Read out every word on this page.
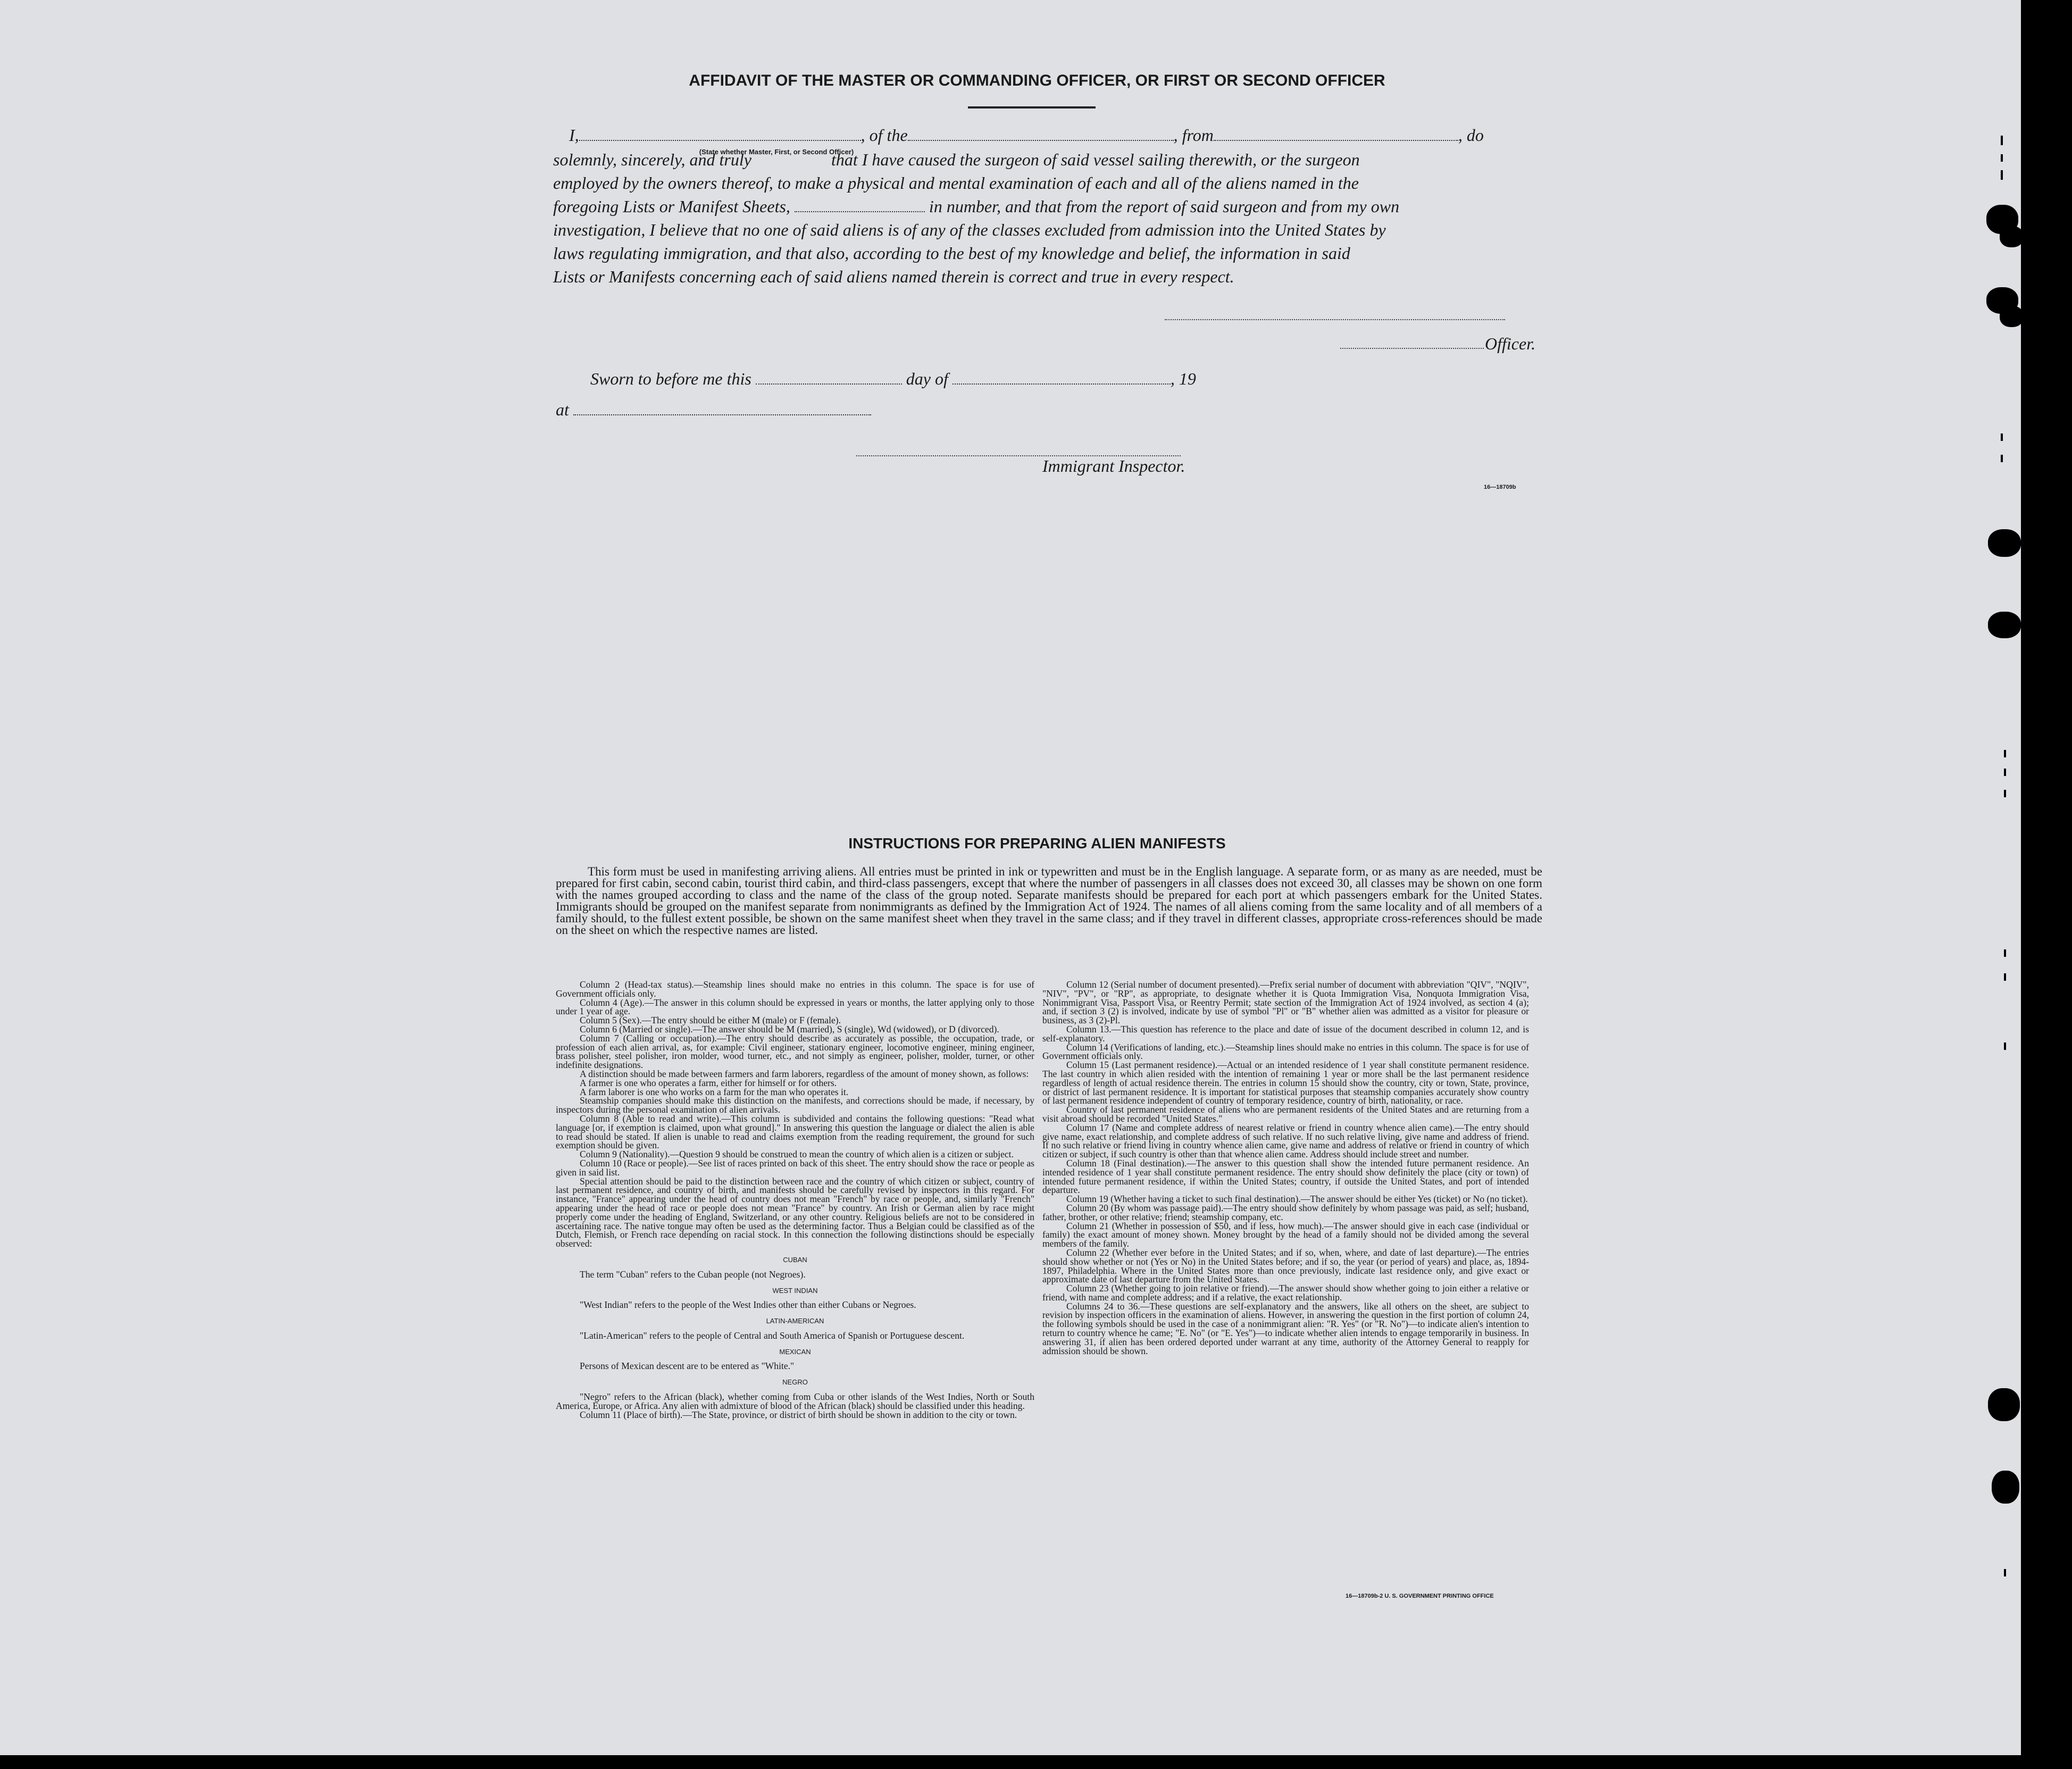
AFFIDAVIT OF THE MASTER OR COMMANDING OFFICER, OR FIRST OR SECOND OFFICER
I,	, of the	, from	, do
(State whether Master, First, or Second Officer)
solemnly, sincerely, and truly	that I have caused the surgeon of said vessel sailing therewith, or the surgeon
employed by the owners thereof, to make a physical and mental examination of each and all of the aliens named in the
foregoing Lists or Manifest Sheets,	in number, and that from the report of said surgeon and from my own
investigation, I believe that no one of said aliens is of any of the classes excluded from admission into the United States by
laws regulating immigration, and that also, according to the best of my knowledge and belief, the information in said
Lists or Manifests concerning each of said aliens named therein is correct and true in every respect.
Officer.
Sworn to before me this	day of	, 19
at
Immigrant Inspector.
16—18709b
INSTRUCTIONS FOR PREPARING ALIEN MANIFESTS
This form must be used in manifesting arriving aliens. All entries must be printed in ink or typewritten and must be in the English language. A separate form, or as many as are needed, must be prepared for first cabin, second cabin, tourist third cabin, and third-class passengers, except that where the number of passengers in all classes does not exceed 30, all classes may be shown on one form with the names grouped according to class and the name of the class of the group noted. Separate manifests should be prepared for each port at which passengers embark for the United States. Immigrants should be grouped on the manifest separate from nonimmigrants as defined by the Immigration Act of 1924. The names of all aliens coming from the same locality and of all members of a family should, to the fullest extent possible, be shown on the same manifest sheet when they travel in the same class; and if they travel in different classes, appropriate cross-references should be made on the sheet on which the respective names are listed.

Column 2 (Head-tax status).—Steamship lines should make no entries in this column. The space is for use of Government officials only.

Column 4 (Age).—The answer in this column should be expressed in years or months, the latter applying only to those under 1 year of age.

Column 5 (Sex).—The entry should be either M (male) or F (female).

Column 6 (Married or single).—The answer should be M (married), S (single), Wd (widowed), or D (divorced).

Column 7 (Calling or occupation).—The entry should describe as accurately as possible, the occupation, trade, or profession of each alien arrival, as, for example: Civil engineer, stationary engineer, locomotive engineer, mining engineer, brass polisher, steel polisher, iron molder, wood turner, etc., and not simply as engineer, polisher, molder, turner, or other indefinite designations.

A distinction should be made between farmers and farm laborers, regardless of the amount of money shown, as follows:

A farmer is one who operates a farm, either for himself or for others.

A farm laborer is one who works on a farm for the man who operates it.

Steamship companies should make this distinction on the manifests, and corrections should be made, if necessary, by inspectors during the personal examination of alien arrivals.

Column 8 (Able to read and write).—This column is subdivided and contains the following questions: "Read what language [or, if exemption is claimed, upon what ground]." In answering this question the language or dialect the alien is able to read should be stated. If alien is unable to read and claims exemption from the reading requirement, the ground for such exemption should be given.

Column 9 (Nationality).—Question 9 should be construed to mean the country of which alien is a citizen or subject.

Column 10 (Race or people).—See list of races printed on back of this sheet. The entry should show the race or people as given in said list.

Special attention should be paid to the distinction between race and the country of which citizen or subject, country of last permanent residence, and country of birth, and manifests should be carefully revised by inspectors in this regard. For instance, "France" appearing under the head of country does not mean "French" by race or people, and, similarly "French" appearing under the head of race or people does not mean "France" by country. An Irish or German alien by race might properly come under the heading of England, Switzerland, or any other country. Religious beliefs are not to be considered in ascertaining race. The native tongue may often be used as the determining factor. Thus a Belgian could be classified as of the Dutch, Flemish, or French race depending on racial stock. In this connection the following distinctions should be especially observed:

CUBAN

The term "Cuban" refers to the Cuban people (not Negroes).

WEST INDIAN

"West Indian" refers to the people of the West Indies other than either Cubans or Negroes.

LATIN-AMERICAN

"Latin-American" refers to the people of Central and South America of Spanish or Portuguese descent.

MEXICAN

Persons of Mexican descent are to be entered as "White."

NEGRO

"Negro" refers to the African (black), whether coming from Cuba or other islands of the West Indies, North or South America, Europe, or Africa. Any alien with admixture of blood of the African (black) should be classified under this heading.

Column 11 (Place of birth).—The State, province, or district of birth should be shown in addition to the city or town.

Column 12 (Serial number of document presented).—Prefix serial number of document with abbreviation "QIV", "NQIV", "NIV", "PV", or "RP", as appropriate, to designate whether it is Quota Immigration Visa, Nonquota Immigration Visa, Nonimmigrant Visa, Passport Visa, or Reentry Permit; state section of the Immigration Act of 1924 involved, as section 4 (a); and, if section 3 (2) is involved, indicate by use of symbol "Pl" or "B" whether alien was admitted as a visitor for pleasure or business, as 3 (2)-Pl.

Column 13.—This question has reference to the place and date of issue of the document described in column 12, and is self-explanatory.

Column 14 (Verifications of landing, etc.).—Steamship lines should make no entries in this column. The space is for use of Government officials only.

Column 15 (Last permanent residence).—Actual or an intended residence of 1 year shall constitute permanent residence. The last country in which alien resided with the intention of remaining 1 year or more shall be the last permanent residence regardless of length of actual residence therein. The entries in column 15 should show the country, city or town, State, province, or district of last permanent residence. It is important for statistical purposes that steamship companies accurately show country of last permanent residence independent of country of temporary residence, country of birth, nationality, or race.

Country of last permanent residence of aliens who are permanent residents of the United States and are returning from a visit abroad should be recorded "United States."

Column 17 (Name and complete address of nearest relative or friend in country whence alien came).—The entry should give name, exact relationship, and complete address of such relative. If no such relative living, give name and address of friend. If no such relative or friend living in country whence alien came, give name and address of relative or friend in country of which citizen or subject, if such country is other than that whence alien came. Address should include street and number.

Column 18 (Final destination).—The answer to this question shall show the intended future permanent residence. An intended residence of 1 year shall constitute permanent residence. The entry should show definitely the place (city or town) of intended future permanent residence, if within the United States; country, if outside the United States, and port of intended departure.

Column 19 (Whether having a ticket to such final destination).—The answer should be either Yes (ticket) or No (no ticket).

Column 20 (By whom was passage paid).—The entry should show definitely by whom passage was paid, as self; husband, father, brother, or other relative; friend; steamship company, etc.

Column 21 (Whether in possession of $50, and if less, how much).—The answer should give in each case (individual or family) the exact amount of money shown. Money brought by the head of a family should not be divided among the several members of the family.

Column 22 (Whether ever before in the United States; and if so, when, where, and date of last departure).—The entries should show whether or not (Yes or No) in the United States before; and if so, the year (or period of years) and place, as, 1894-1897, Philadelphia. Where in the United States more than once previously, indicate last residence only, and give exact or approximate date of last departure from the United States.

Column 23 (Whether going to join relative or friend).—The answer should show whether going to join either a relative or friend, with name and complete address; and if a relative, the exact relationship.

Columns 24 to 36.—These questions are self-explanatory and the answers, like all others on the sheet, are subject to revision by inspection officers in the examination of aliens. However, in answering the question in the first portion of column 24, the following symbols should be used in the case of a nonimmigrant alien: "R. Yes" (or "R. No")—to indicate alien's intention to return to country whence he came; "E. No" (or "E. Yes")—to indicate whether alien intends to engage temporarily in business. In answering 31, if alien has been ordered deported under warrant at any time, authority of the Attorney General to reapply for admission should be shown.

16—18709b-2 U. S. GOVERNMENT PRINTING OFFICE
